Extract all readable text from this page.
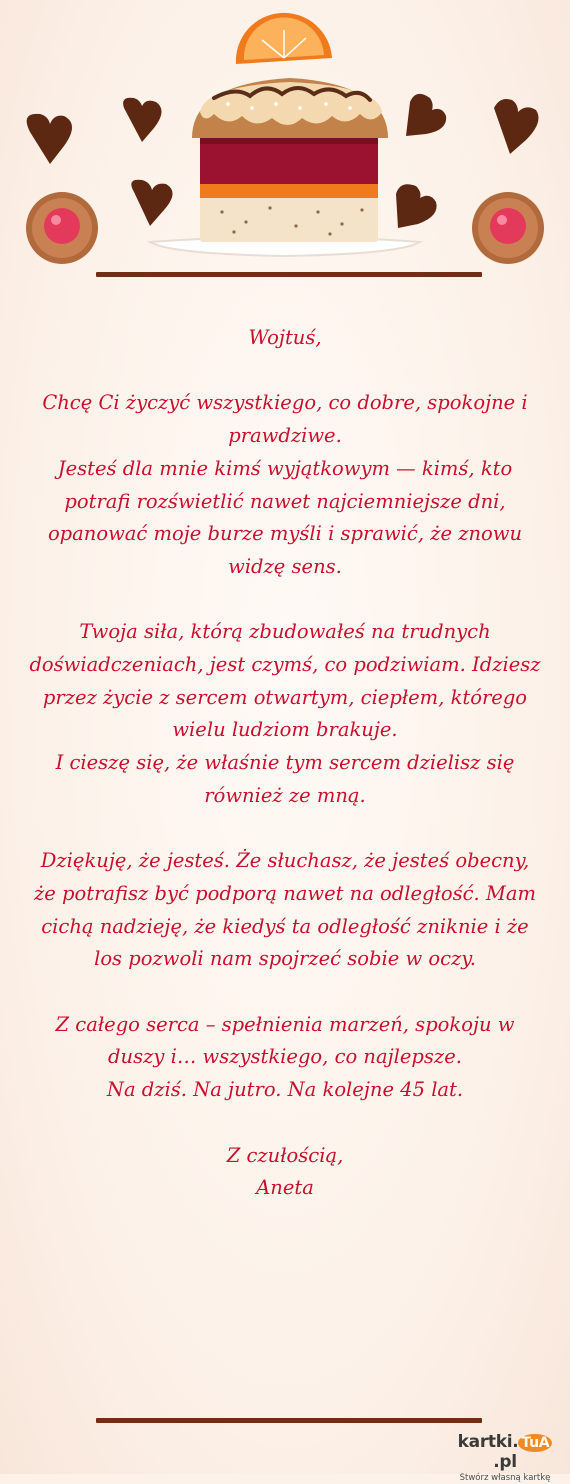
Wojtuś,

Chcę Ci życzyć wszystkiego, co dobre, spokojne i prawdziwe.

Jesteś dla mnie kimś wyjątkowym — kimś, kto potrafi rozświetlić nawet najciemniejsze dni, opanować moje burze myśli i sprawić, że znowu widzę sens.

Twoja siła, którą zbudowałeś na trudnych doświadczeniach, jest czymś, co podziwiam. Idziesz przez życie z sercem otwartym, ciepłem, którego wielu ludziom brakuje.

I cieszę się, że właśnie tym sercem dzielisz się również ze mną.

Dziękuję, że jesteś. Że słuchasz, że jesteś obecny, że potrafisz być podporą nawet na odległość. Mam cichą nadzieję, że kiedyś ta odległość zniknie i że los pozwoli nam spojrzeć sobie w oczy.

Z całego serca – spełnienia marzeń, spokoju w duszy i… wszystkiego, co najlepsze.

Na dziś. Na jutro. Na kolejne 45 lat.

Z czułością,

Aneta

kartki. TuA.pl
Stwórz własną kartkę
